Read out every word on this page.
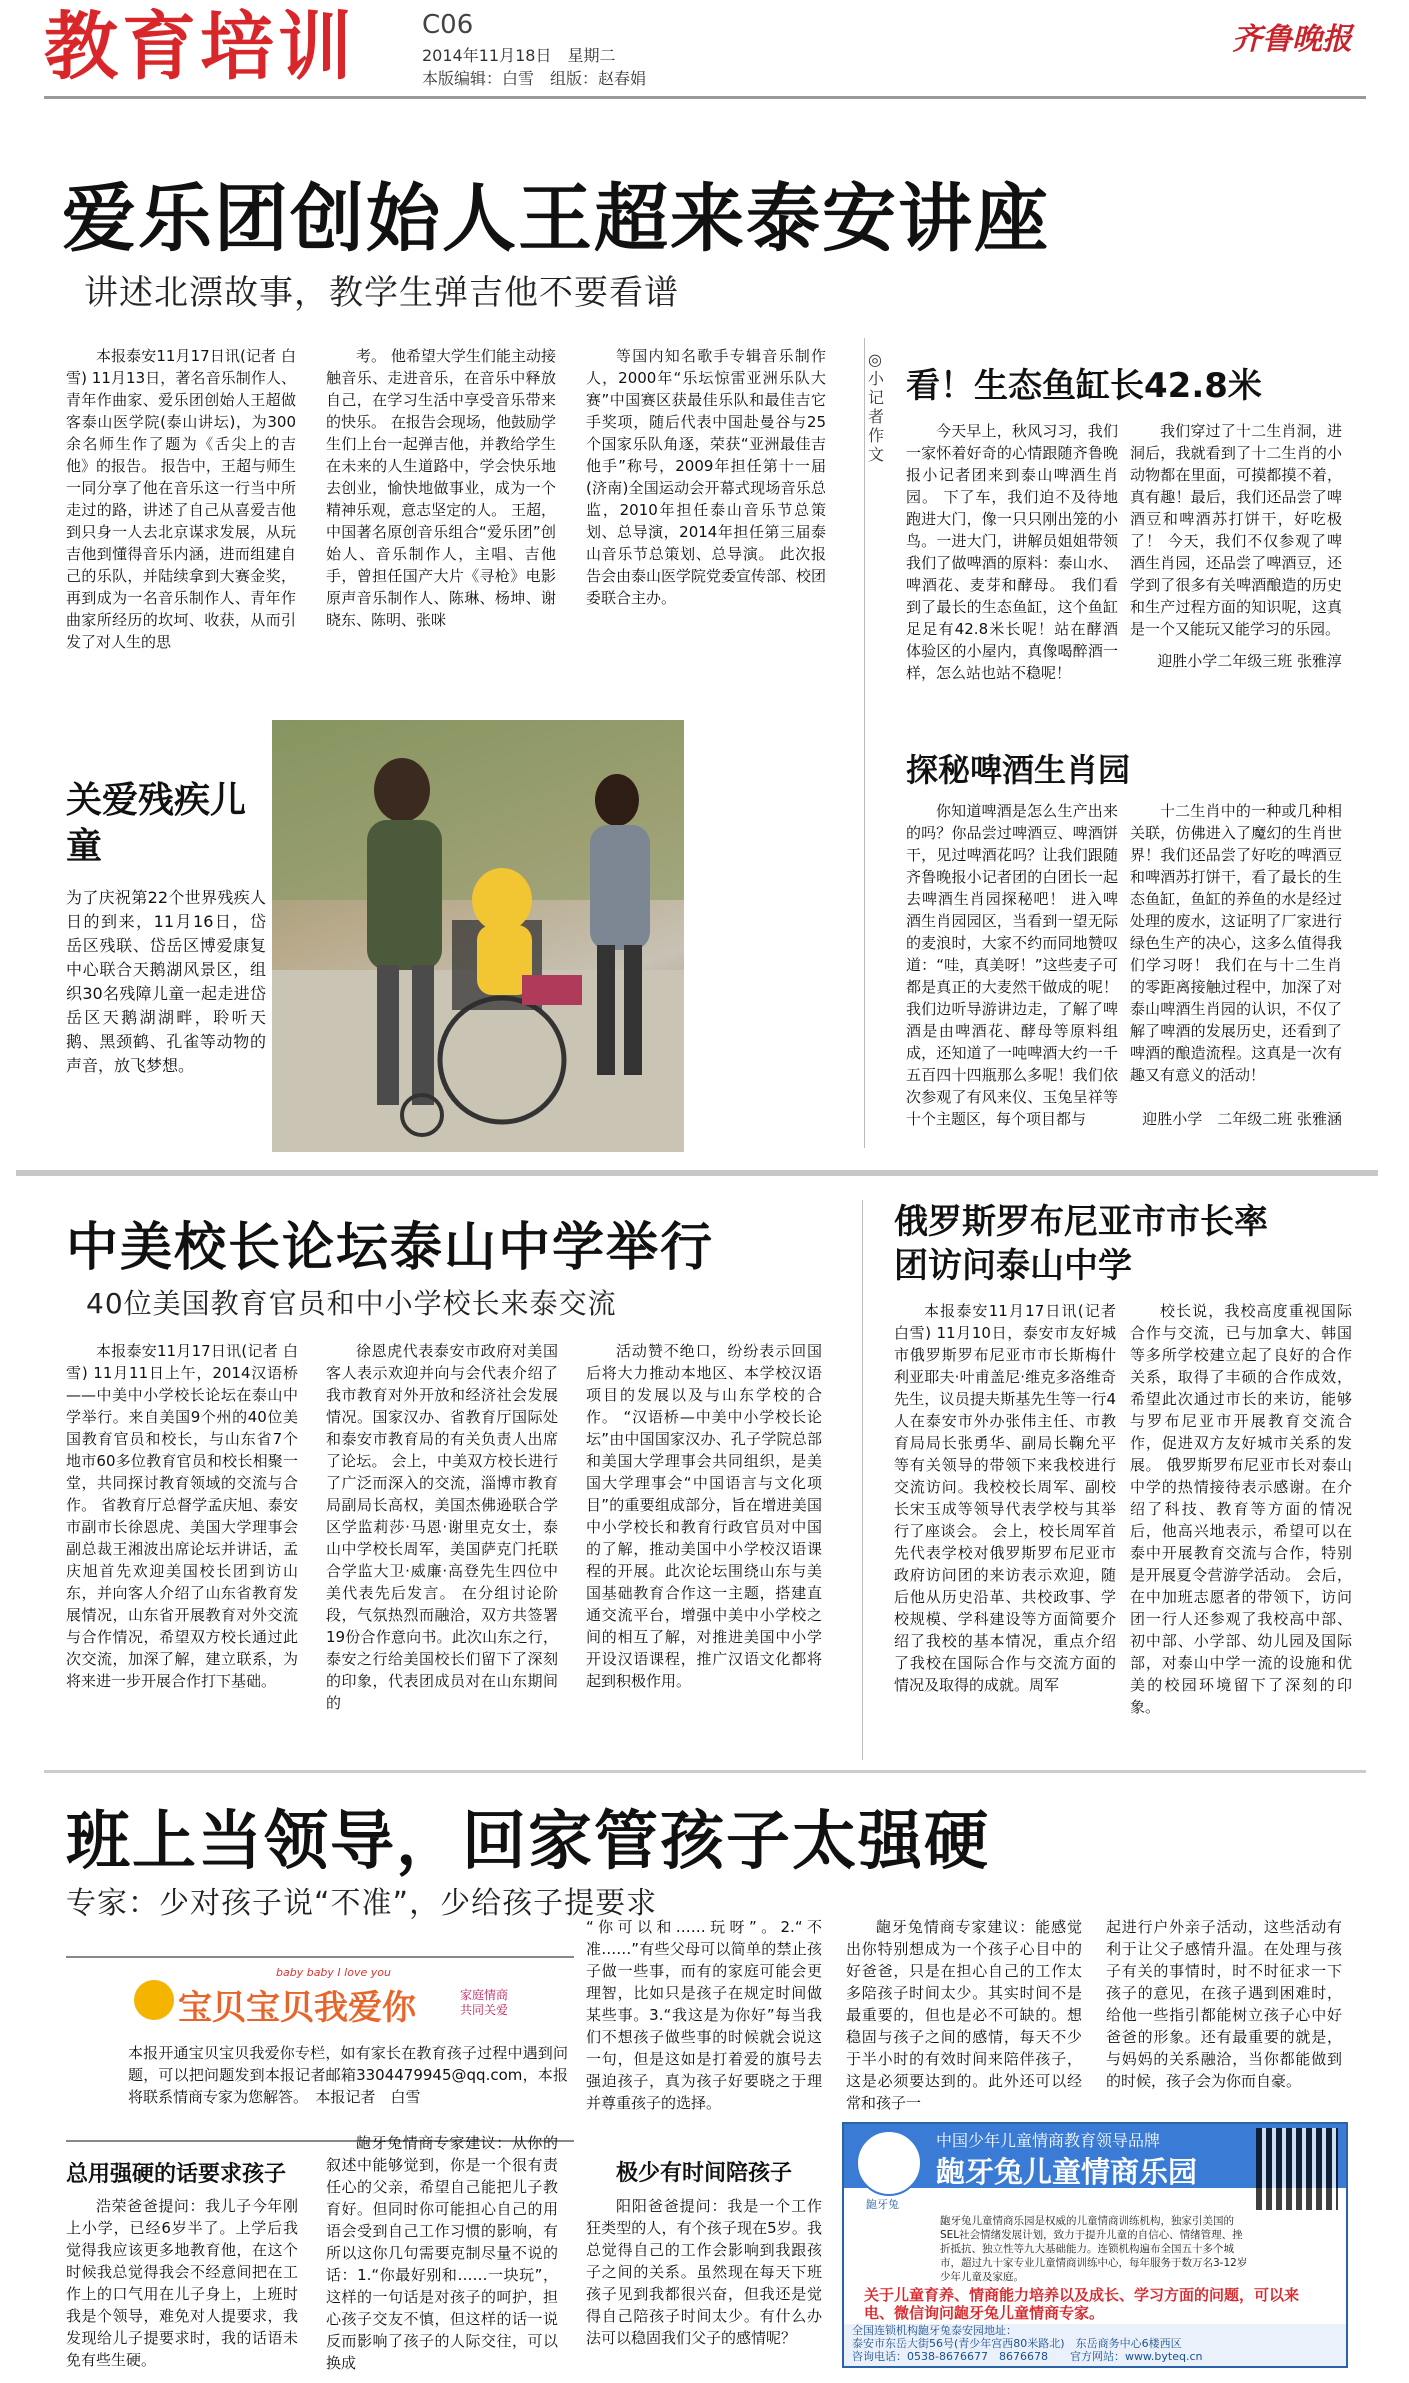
教育培训	C06
2014年11月18日　星期二
本版编辑：白雪　组版：赵春娟
齐鲁晚报
爱乐团创始人王超来泰安讲座
讲述北漂故事，教学生弹吉他不要看谱

本报泰安11月17日讯(记者 白雪) 11月13日，著名音乐制作人、青年作曲家、爱乐团创始人王超做客泰山医学院(泰山讲坛)，为300余名师生作了题为《舌尖上的吉他》的报告。 报告中，王超与师生一同分享了他在音乐这一行当中所走过的路，讲述了自己从喜爱吉他到只身一人去北京谋求发展，从玩吉他到懂得音乐内涵，进而组建自己的乐队，并陆续拿到大赛金奖，再到成为一名音乐制作人、青年作曲家所经历的坎坷、收获，从而引发了对人生的思

考。 他希望大学生们能主动接触音乐、走进音乐，在音乐中释放自己，在学习生活中享受音乐带来的快乐。 在报告会现场，他鼓励学生们上台一起弹吉他，并教给学生在未来的人生道路中，学会快乐地去创业，愉快地做事业，成为一个精神乐观，意志坚定的人。 王超，中国著名原创音乐组合“爱乐团”创始人、音乐制作人，主唱、吉他手，曾担任国产大片《寻枪》电影原声音乐制作人、陈琳、杨坤、谢晓东、陈明、张咪

等国内知名歌手专辑音乐制作人，2000年“乐坛惊雷亚洲乐队大赛”中国赛区获最佳乐队和最佳吉它手奖项，随后代表中国赴曼谷与25个国家乐队角逐，荣获“亚洲最佳吉他手”称号，2009年担任第十一届(济南)全国运动会开幕式现场音乐总监，2010年担任泰山音乐节总策划、总导演，2014年担任第三届泰山音乐节总策划、总导演。 此次报告会由泰山医学院党委宣传部、校团委联合主办。

关爱残疾儿童
为了庆祝第22个世界残疾人日的到来，11月16日，岱岳区残联、岱岳区博爱康复中心联合天鹅湖风景区，组织30名残障儿童一起走进岱岳区天鹅湖湖畔，聆听天鹅、黑颈鹤、孔雀等动物的声音，放飞梦想。
◎小记者作文
看！生态鱼缸长42.8米

今天早上，秋风习习，我们一家怀着好奇的心情跟随齐鲁晚报小记者团来到泰山啤酒生肖园。 下了车，我们迫不及待地跑进大门，像一只只刚出笼的小鸟。一进大门，讲解员姐姐带领我们了做啤酒的原料：泰山水、啤酒花、麦芽和酵母。 我们看到了最长的生态鱼缸，这个鱼缸足足有42.8米长呢！站在酵酒体验区的小屋内，真像喝醉酒一样，怎么站也站不稳呢！

我们穿过了十二生肖洞，进洞后，我就看到了十二生肖的小动物都在里面，可摸都摸不着，真有趣！最后，我们还品尝了啤酒豆和啤酒苏打饼干，好吃极了！ 今天，我们不仅参观了啤酒生肖园，还品尝了啤酒豆，还学到了很多有关啤酒酿造的历史和生产过程方面的知识呢，这真是一个又能玩又能学习的乐园。

迎胜小学二年级三班 张雅淳
探秘啤酒生肖园

你知道啤酒是怎么生产出来的吗？你品尝过啤酒豆、啤酒饼干，见过啤酒花吗？让我们跟随齐鲁晚报小记者团的白团长一起去啤酒生肖园探秘吧！ 进入啤酒生肖园园区，当看到一望无际的麦浪时，大家不约而同地赞叹道：“哇，真美呀！”这些麦子可都是真正的大麦然干做成的呢！我们边听导游讲边走，了解了啤酒是由啤酒花、酵母等原料组成，还知道了一吨啤酒大约一千五百四十四瓶那么多呢！我们依次参观了有风来仪、玉兔呈祥等十个主题区，每个项目都与

十二生肖中的一种或几种相关联，仿佛进入了魔幻的生肖世界！我们还品尝了好吃的啤酒豆和啤酒苏打饼干，看了最长的生态鱼缸，鱼缸的养鱼的水是经过处理的废水，这证明了厂家进行绿色生产的决心，这多么值得我们学习呀！ 我们在与十二生肖的零距离接触过程中，加深了对泰山啤酒生肖园的认识，不仅了解了啤酒的发展历史，还看到了啤酒的酿造流程。这真是一次有趣又有意义的活动！

迎胜小学　二年级二班 张雅涵
中美校长论坛泰山中学举行
40位美国教育官员和中小学校长来泰交流

本报泰安11月17日讯(记者 白雪) 11月11日上午，2014汉语桥——中美中小学校长论坛在泰山中学举行。来自美国9个州的40位美国教育官员和校长，与山东省7个地市60多位教育官员和校长相聚一堂，共同探讨教育领域的交流与合作。 省教育厅总督学孟庆旭、泰安市副市长徐恩虎、美国大学理事会副总裁王湘波出席论坛并讲话，孟庆旭首先欢迎美国校长团到访山东，并向客人介绍了山东省教育发展情况，山东省开展教育对外交流与合作情况，希望双方校长通过此次交流，加深了解，建立联系，为将来进一步开展合作打下基础。

徐恩虎代表泰安市政府对美国客人表示欢迎并向与会代表介绍了我市教育对外开放和经济社会发展情况。国家汉办、省教育厅国际处和泰安市教育局的有关负责人出席了论坛。 会上，中美双方校长进行了广泛而深入的交流，淄博市教育局副局长高权，美国杰佛逊联合学区学监莉莎·马恩·谢里克女士，泰山中学校长周军，美国萨克门托联合学监大卫·威廉·高登先生四位中美代表先后发言。 在分组讨论阶段，气氛热烈而融洽，双方共签署19份合作意向书。此次山东之行，泰安之行给美国校长们留下了深刻的印象，代表团成员对在山东期间的

活动赞不绝口，纷纷表示回国后将大力推动本地区、本学校汉语项目的发展以及与山东学校的合作。 “汉语桥—中美中小学校长论坛”由中国国家汉办、孔子学院总部和美国大学理事会共同组织，是美国大学理事会“中国语言与文化项目”的重要组成部分，旨在增进美国中小学校长和教育行政官员对中国的了解，推动美国中小学校汉语课程的开展。此次论坛围绕山东与美国基础教育合作这一主题，搭建直通交流平台，增强中美中小学校之间的相互了解，对推进美国中小学开设汉语课程，推广汉语文化都将起到积极作用。

俄罗斯罗布尼亚市市长率团访问泰山中学

本报泰安11月17日讯(记者 白雪) 11月10日，泰安市友好城市俄罗斯罗布尼亚市市长斯梅什利亚耶夫·叶甫盖尼·维克多洛维奇先生，议员提夫斯基先生等一行4人在泰安市外办张伟主任、市教育局局长张勇华、副局长鞠允平等有关领导的带领下来我校进行交流访问。我校校长周军、副校长宋玉成等领导代表学校与其举行了座谈会。 会上，校长周军首先代表学校对俄罗斯罗布尼亚市政府访问团的来访表示欢迎，随后他从历史沿革、共校政事、学校规模、学科建设等方面简要介绍了我校的基本情况，重点介绍了我校在国际合作与交流方面的情况及取得的成就。周军

校长说，我校高度重视国际合作与交流，已与加拿大、韩国等多所学校建立起了良好的合作关系，取得了丰硕的合作成效，希望此次通过市长的来访，能够与罗布尼亚市开展教育交流合作，促进双方友好城市关系的发展。 俄罗斯罗布尼亚市长对泰山中学的热情接待表示感谢。在介绍了科技、教育等方面的情况后，他高兴地表示，希望可以在泰中开展教育交流与合作，特别是开展夏令营游学活动。 会后，在中加班志愿者的带领下，访问团一行人还参观了我校高中部、初中部、小学部、幼儿园及国际部，对泰山中学一流的设施和优美的校园环境留下了深刻的印象。

班上当领导，回家管孩子太强硬
专家：少对孩子说“不准”，少给孩子提要求
宝贝宝贝我爱你
baby baby I love you
家庭情商 共同关爱
本报开通宝贝宝贝我爱你专栏，如有家长在教育孩子过程中遇到问题，可以把问题发到本报记者邮箱3304479945@qq.com，本报将联系情商专家为您解答。　本报记者　白雪
总用强硬的话要求孩子

浩荣爸爸提问：我儿子今年刚上小学，已经6岁半了。上学后我觉得我应该更多地教育他，在这个时候我总觉得我会不经意间把在工作上的口气用在儿子身上，上班时我是个领导，难免对人提要求，我发现给儿子提要求时，我的话语未免有些生硬。

龅牙兔情商专家建议：从你的叙述中能够觉到，你是一个很有责任心的父亲，希望自己能把儿子教育好。但同时你可能担心自己的用语会受到自己工作习惯的影响，有所以这你几句需要克制尽量不说的话：1.“你最好别和……一块玩”，这样的一句话是对孩子的呵护，担心孩子交友不慎，但这样的话一说反而影响了孩子的人际交往，可以换成

“你可以和……玩呀”。2.“不准……”有些父母可以简单的禁止孩子做一些事，而有的家庭可能会更理智，比如只是孩子在规定时间做某些事。3.“我这是为你好”每当我们不想孩子做些事的时候就会说这一句，但是这如是打着爱的旗号去强迫孩子，真为孩子好要晓之于理并尊重孩子的选择。
极少有时间陪孩子

阳阳爸爸提问：我是一个工作狂类型的人，有个孩子现在5岁。我总觉得自己的工作会影响到我跟孩子之间的关系。虽然现在每天下班孩子见到我都很兴奋，但我还是觉得自己陪孩子时间太少。有什么办法可以稳固我们父子的感情呢？

龅牙兔情商专家建议：能感觉出你特别想成为一个孩子心目中的好爸爸，只是在担心自己的工作太多陪孩子时间太少。其实时间不是最重要的，但也是必不可缺的。想稳固与孩子之间的感情，每天不少于半小时的有效时间来陪伴孩子，这是必须要达到的。此外还可以经常和孩子一

起进行户外亲子活动，这些活动有利于让父子感情升温。在处理与孩子有关的事情时，时不时征求一下孩子的意见，在孩子遇到困难时，给他一些指引都能树立孩子心中好爸爸的形象。还有最重要的就是，与妈妈的关系融洽，当你都能做到的时候，孩子会为你而自豪。
中国少年儿童情商教育领导品牌
龅牙兔儿童情商乐园
龅牙兔
龅牙兔儿童情商乐园是权威的儿童情商训练机构，独家引美国的SEL社会情绪发展计划，致力于提升儿童的自信心、情绪管理、挫折抵抗、独立性等九大基础能力。连锁机构遍布全国五十多个城市，超过九十家专业儿童情商训练中心，每年服务于数万名3-12岁少年儿童及家庭。
关于儿童育养、情商能力培养以及成长、学习方面的问题，可以来电、微信询问龅牙兔儿童情商专家。
全国连锁机构龅牙兔泰安园地址：
泰安市东岳大街56号(青少年宫西80米路北)　东岳商务中心6楼西区
咨询电话：0538-8676677　8676678　　官方网站：www.byteq.cn
